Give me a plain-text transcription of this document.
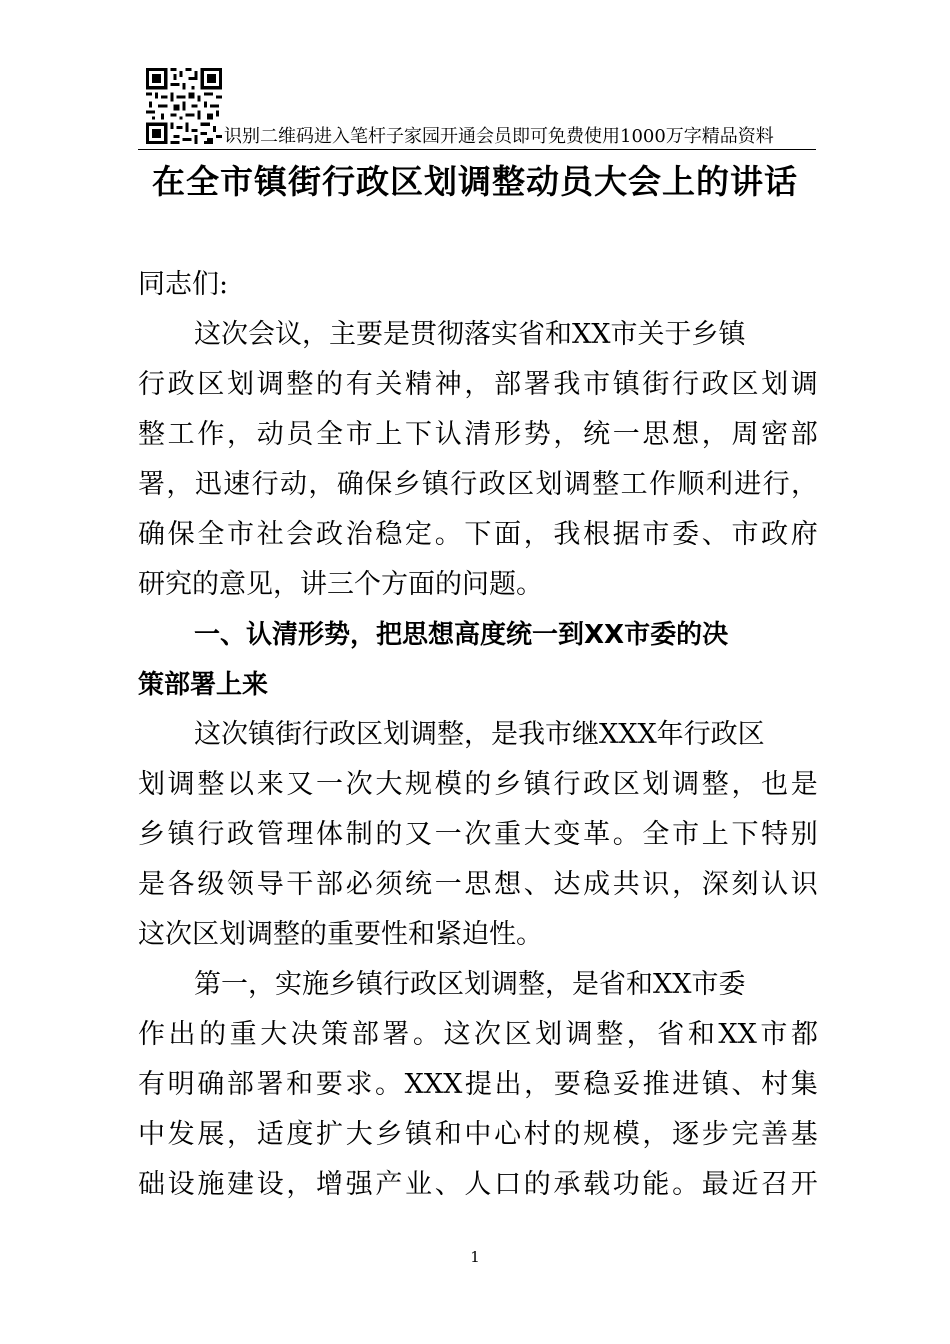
识别二维码进入笔杆子家园开通会员即可免费使用1000万字精品资料
在全市镇街行政区划调整动员大会上的讲话
同志们:
这次会议，主要是贯彻落实省和XX市关于乡镇
行 政 区 划 调 整 的 有 关 精 神 ， 部 署 我 市 镇 街 行 政 区 划 调
整 工 作 ， 动 员 全 市 上 下 认 清 形 势 ， 统 一 思 想 ， 周 密 部
署 ， 迅 速 行 动 ， 确 保 乡 镇 行 政 区 划 调 整 工 作 顺 利 进 行 ，
确 保 全 市 社 会 政 治 稳 定 。 下 面 ， 我 根 据 市 委 、 市 政 府
研究的意见，讲三个方面的问题。
一、认清形势，把思想高度统一到XX市委的决
策部署上来
这次镇街行政区划调整，是我市继XXX年行政区
划 调 整 以 来 又 一 次 大 规 模 的 乡 镇 行 政 区 划 调 整 ， 也 是
乡 镇 行 政 管 理 体 制 的 又 一 次 重 大 变 革 。 全 市 上 下 特 别
是 各 级 领 导 干 部 必 须 统 一 思 想 、 达 成 共 识 ， 深 刻 认 识
这次区划调整的重要性和紧迫性。
第一，实施乡镇行政区划调整，是省和XX市委
作 出 的 重 大 决 策 部 署 。 这 次 区 划 调 整 ， 省 和 XX 市 都
有 明 确 部 署 和 要 求 。 XXX 提 出 ， 要 稳 妥 推 进 镇 、 村 集
中 发 展 ， 适 度 扩 大 乡 镇 和 中 心 村 的 规 模 ， 逐 步 完 善 基
础 设 施 建 设 ， 增 强 产 业 、 人 口 的 承 载 功 能 。 最 近 召 开
1
